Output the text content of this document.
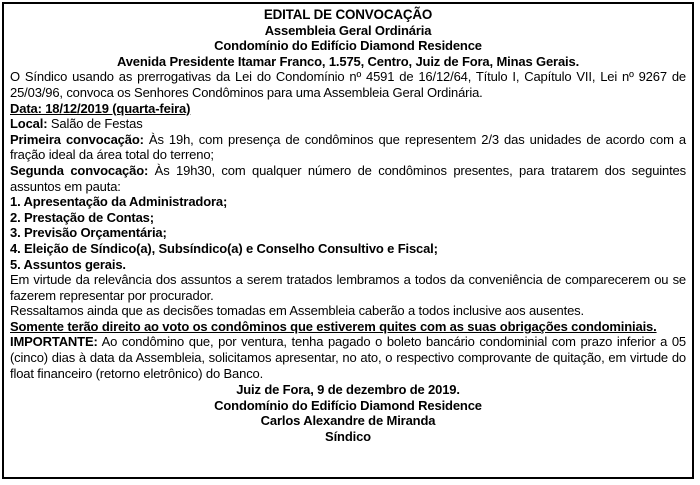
EDITAL DE CONVOCAÇÃO
Assembleia Geral Ordinária
Condomínio do Edifício Diamond Residence
Avenida Presidente Itamar Franco, 1.575, Centro, Juiz de Fora, Minas Gerais.

O Síndico usando as prerrogativas da Lei do Condomínio nº 4591 de 16/12/64, Título I, Capítulo VII, Lei nº 9267 de 25/03/96, convoca os Senhores Condôminos para uma Assembleia Geral Ordinária.

Data: 18/12/2019 (quarta-feira)

Local: Salão de Festas

Primeira convocação: Às 19h, com presença de condôminos que representem 2/3 das unidades de acordo com a fração ideal da área total do terreno;

Segunda convocação: Às 19h30, com qualquer número de condôminos presentes, para tratarem dos seguintes assuntos em pauta:

1. Apresentação da Administradora;
2. Prestação de Contas;
3. Previsão Orçamentária;
4. Eleição de Síndico(a), Subsíndico(a) e Conselho Consultivo e Fiscal;
5. Assuntos gerais.

Em virtude da relevância dos assuntos a serem tratados lembramos a todos da conveniência de comparecerem ou se fazerem representar por procurador.

Ressaltamos ainda que as decisões tomadas em Assembleia caberão a todos inclusive aos ausentes.

Somente terão direito ao voto os condôminos que estiverem quites com as suas obrigações condominiais.

IMPORTANTE: Ao condômino que, por ventura, tenha pagado o boleto bancário condominial com prazo inferior a 05 (cinco) dias à data da Assembleia, solicitamos apresentar, no ato, o respectivo comprovante de quitação, em virtude do float financeiro (retorno eletrônico) do Banco.

Juiz de Fora, 9 de dezembro de 2019.
Condomínio do Edifício Diamond Residence
Carlos Alexandre de Miranda
Síndico
